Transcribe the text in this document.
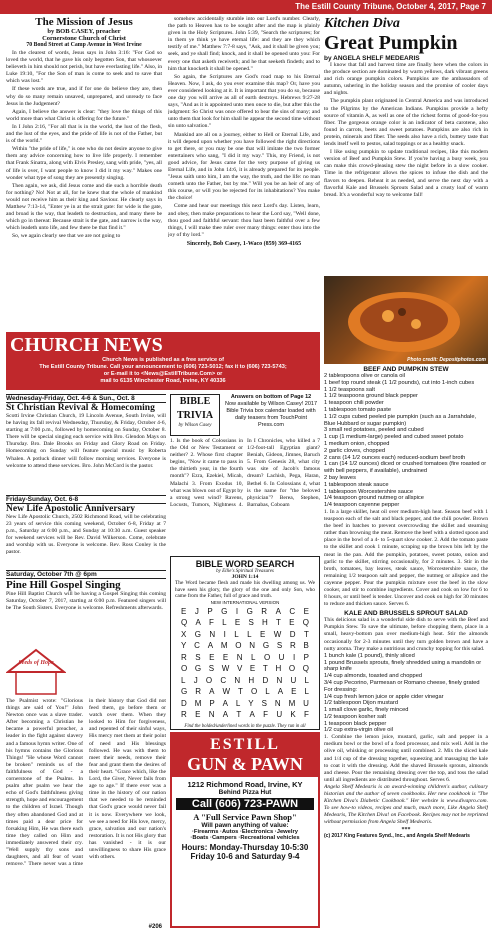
The Estill County Tribune, October 4, 2017, Page 7
The Mission of Jesus
by BOB CASEY, preacher
Cornerstone Church of Christ
70 Bond Street at Camp Avenue in West Irvine

In the clearest of words, Jesus says in John 3:16: "For God so loved the world, that he gave his only begotten Son, that whosoever believeth in him should not perish, but have everlasting life." Also, in Luke 19:10, "For the Son of man is come to seek and to save that which was lost."

If these words are true, and if for one do believe they are, then why do so many remain unsaved, unprepared, and unready to face Jesus in the Judgement?

Again, I believe the answer is clear: "they love the things of this world more than what Christ is offering for the future."

In I John 2:16, "For all that is in the world, the lust of the flesh, and the lust of the eyes, and the pride of life is not of the Father, but is of the world."

Within "the pride of life," is one who do not desire anyone to give them any advice concerning how to live life properly. I remember that Frank Sinatra, along with Elvis Presley, sang with pride, "yes, all of life is over, I want people to know I did it my way." Makes one wonder what type of song they are presently singing.

Then again, we ask, did Jesus come and die such a horrible death for nothing? No! Not at all, for he knew that the whole of mankind would not receive him as their king and Saviour. He clearly says in Matthew 7:13-14, "Enter ye in at the strait gate: for wide is the gate, and broad is the way, that leadeth to destruction, and many there be which go in thereat: Because strait is the gate, and narrow is the way, which leadeth unto life, and few there be that find it."

So, we again clearly see that we are not going to

somehow accidentally stumble into our Lord's number. Clearly, the path to Heaven has to be sought after and the map is plainly given in the Holy Scriptures. John 5:39, "Search the scriptures; for in them ye think ye have eternal life: and they are they which testify of me." Matthew 7:7-8 says, "Ask, and it shall be given you; seek, and ye shall find; knock, and it shall be opened unto you: For every one that asketh receiveth; and he that seeketh findeth; and to him that knocketh it shall be opened."

So again, the Scriptures are God's road map to his Eternal Heaven. Now, I ask, do you ever examine this map? Or, have you ever considered looking at it. It is important that you do so, because one day you will arrive as all of earth destroys. Hebrews 9:27-28 says, "And as it is appointed unto men once to die, but after this the judgment: So Christ was once offered to bear the sins of many; and unto them that look for him shall he appear the second time without sin unto salvation."

Mankind are all on a journey, either to Hell or Eternal Life, and it will depend upon whether you have followed the right directions to get there, or you may be one that will imitate the two former entertainers who sang, "I did it my way." This, my Friend, is not good advice, for Jesus came for the very purpose of giving us Eternal Life, and in John 14:6, it is already prepared for its people. "Jesus saith unto him, I am the way, the truth, and the life: no man cometh unto the Father, but by me." Will you be an heir of any of this course, or will you be rejected for its inhabitations? You make the choice!

Come and hear our meetings this next Lord's day. Listen, learn, and obey, then make preparations to hear the Lord say, "Well done, thou good and faithful servant: thou hast been faithful over a few things, I will make thee ruler over many things: enter thou into the joy of thy lord."

Sincerely, Bob Casey, 1-Waco (859) 369-4165
CHURCH NEWS
Church News is published as a free service of
The Estill County Tribune. Call your announcement to (606) 723-5012; fax it to (606) 723-5743;
or E-mail it to <News@EstillTribune.Com> or
mail to 6135 Winchester Road, Irvine, KY 40336
Wednesday-Friday, Oct. 4-6 & Sun., Oct. 8
St Christian Revival & Homecoming
Scotti Irvine Christian Church, 19 Lincoln Avenue, South Irvine, will be having its fall revival Wednesday, Thursday, & Friday, October 4-6, starting at 7:00 p.m., followed by homecoming on Sunday, October 8. There will be special singing each service with Bro. Glendon Mays on Thursday. Bro. Dale Brooks on Friday and Glory Road on Friday. Homecoming on Sunday will feature special music by Roberta Whalen. A potluck dinner will follow morning services. Everyone is welcome to attend these services. Bro. John McCord is the pastor.
Friday-Sunday, Oct. 6-8
New Life Apostolic Anniversary
New Life Apostolic Church, 2502 Richmond Road, will be celebrating 23 years of service this coming weekend, October 6-8, Friday at 7 p.m., Saturday at 6:00 p.m., and Sunday at 10:30 a.m. Guest speaker for weekend services will be Rev. David Wilkerson. Come, celebrate and worship with us. Everyone is welcome. Rev. Ross Conley is the pastor.
Saturday, October 7th @ 6pm
Pine Hill Gospel Singing
Pine Hill Baptist Church will be having a Gospel Singing this coming Saturday, October 7, 2017, starting at 6:00 p.m. Featured singers will be The South Sisters. Everyone is welcome. Refreshments afterwards.
Seeds of Hope
The Psalmist wrote: "Glorious things are said of You!" John Newton once was a slave trader. After becoming a Christian he became a powerful preacher, a leader in the fight against slavery and a famous hymn writer. One of his hymns contains the Glorious Things! "He whose Word cannot be broken" reminds us of the faithfulness of God - a cornerstone of the Psalms. In psalm after psalm we hear the echo of God's faithfulness giving strength, hope and encouragement to the children of Israel. Though they often abandoned God and at times paid a dear price for forsaking Him, He was there each time they called on Him and immediately answered their cry. "Well supply thy sons and daughters, and all fear of want remove." There never was a time in their history that God did not feed them, go before them or watch over them. When they looked to Him for forgiveness, and repented of their sinful ways, His mercy met them at their point of need and His blessings followed. He was with them to meet their needs, remove their fear and grant them the desires of their heart. "Grace which, like the Lord, the Giver, Never fails from age to age." If there ever was a time in the history of our nation that we needed to be reminded that God's grace would never fail it is now. Everywhere we look, we see a need for His love, mercy, grace, salvation and our nation's restoration. It is not His glory that has vanished - it is our unwillingness to share His grace with others.
#206
BIBLE TRIVIA
by Wilson Casey
1. Is the book of Colossians in the Old or New Testament or neither? 2. Whose first chapter begins, "Now it came to pass in the thirtieth year, in the fourth month"? Ezra, Ezekiel, Micah, Malachi 3. From Exodus 10, what was blown out of Egypt by a strong west wind? Ravens, Locusts, Tumors, Nightness 4. In I Chronicles, who killed a 7 1/2-foot-tall Egyptian giant? Beniah, Gideon, Jimnes, Baruch 5. From Genesis 28, what city was site of Jacob's famous dream? Lachish, Pega, Haran, Bethel 6. In Colossians 4, what is the name for "the beloved physician"? Berea, Stephen, Barnabas, Coboam
Answers on bottom of Page 12
Now available by Wilson Casey! 2017 Bible Trivia box calendar loaded with daily teasers from TouchPoint Press.com
BIBLE WORD SEARCH
by Ellie's Spiritual Treasures
JOHN 1:14
The Word became flesh and made his dwelling among us. We have seen his glory, the glory of the one and only Son, who came from the Father, full of grace and truth.
NEW INTERNATIONAL VERSION
E J P G I G R A C E
Q A F L E S H T E Q
X G N I L L E W D T
Y C A M O N G S R B
R S E E N L O U I P
O G S W V E T H O Q
L J O C N H D N U L
G R A W T O L A E L
D M P A L Y S N M U
R E N A T A F U K F
Find the bolded/underlined words in the puzzle. They run in all
ESTILL
GUN & PAWN
1212 Richmond Road, Irvine, KY
Behind Pizza Hut
Call (606) 723-PAWN
A "Full Service Pawn Shop"
Will pawn anything of value:
·Firearms ·Autos ·Electronics ·Jewelry
·Boats ·Campers ·Recreational vehicles
Hours: Monday-Thursday 10-5:30
Friday 10-6 and Saturday 9-4
Kitchen Diva
Great Pumpkin
by ANGELA SHELF MEDEARIS

I know that fall and harvest time are finally here when the colors in the produce section are dominated by warm yellows, dark vibrant greens and rich orange pumpkin colors. Pumpkins are the ambassadors of autumn, ushering in the holiday season and the promise of cooler days and nights.

The pumpkin plant originated in Central America and was introduced to the Pilgrims by the American Indians. Pumpkins provide a hefty source of vitamin A, as well as one of the richest forms of good-for-you fiber. The gorgeous orange color is an indicator of beta carotene, also found in carrots, beets and sweet potatoes. Pumpkins are also rich in protein, minerals and fiber. The seeds also have a rich, buttery taste that lends itself well to pestos, salad toppings or as a healthy snack.

I like using pumpkin to update traditional recipes, like this modern version of Beef and Pumpkin Stew. If you're having a busy week, you can make this crowd-pleasing stew the night before in a slow cooker. Time in the refrigerator allows the spices to infuse the dish and the flavors to deepen. Reheat it as needed, and serve the next day with a flavorful Kale and Brussels Sprouts Salad and a crusty loaf of warm bread. It's a wonderful way to welcome fall!

Photo credit: Depositphotos.com
BEEF AND PUMPKIN STEW
2 tablespoons olive or canola oil
1 beef top round steak (1 1/2 pounds), cut into 1-inch cubes
1 1/2 teaspoons salt
1 1/2 teaspoons ground black pepper
1 teaspoon chili powder
1 tablespoon tomato paste
1 1/2 cups cubed peeled pie pumpkin (such as a Jarrahdale, Blue Hubbard or sugar pumpkin)
3 small red potatoes, peeled and cubed
1 cup (1 medium-large) peeled and cubed sweet potato
1 medium onion, chopped
2 garlic cloves, chopped
2 cans (14 1/2 ounces each) reduced-sodium beef broth
1 can (14 1/2 ounces) diced or crushed tomatoes (fire roasted or with bell peppers, if available), undrained
2 bay leaves
1 tablespoon steak sauce
1 tablespoon Worcestershire sauce
1/4 teaspoon ground nutmeg or allspice
1/4 teaspoon cayenne pepper
1. In a large skillet, heat oil over medium-high heat. Season beef with 1 teaspoon each of the salt and black pepper, and the chili powder. Brown the beef in batches to prevent overcrowding the skillet and steaming rather than browning the meat. Remove the beef with a slotted spoon and place in the bowl of a 4- to 5-quart slow cooker. 2. Add the tomato paste to the skillet and cook 1 minute, scraping up the brown bits left by the meat in the pan. Add the pumpkin, potatoes, sweet potato, onion and garlic to the skillet, stirring occasionally, for 2 minutes. 3. Stir in the broth, tomatoes, bay leaves, steak sauce, Worcestershire sauce, the remaining 1/2 teaspoon salt and pepper, the nutmeg or allspice and the cayenne pepper. Pour the pumpkin mixture over the beef in the slow cooker, and stir to combine ingredients. Cover and cook on low for 6 to 8 hours, or until beef is tender. Uncover and cook on high for 30 minutes to reduce and thicken sauce. Serves 6.
KALE AND BRUSSELS SPROUT SALAD
This delicious salad is a wonderful side dish to serve with the Beef and Pumpkin Stew. To save the ultimate, before chopping them, place in a small, heavy-bottom pan over medium-high heat. Stir the almonds occasionally for 2-3 minutes until they turn golden brown and have a nutty aroma. They make a nutritious and crunchy topping for this salad.
1 bunch kale (1 pound), thinly sliced
1 pound Brussels sprouts, finely shredded using a mandolin or sharp knife
1/4 cup almonds, toasted and chopped
3/4 cup Pecorino, Parmesan or Romano cheese, finely grated
For dressing:
1/4 cup fresh lemon juice or apple cider vinegar
1/2 tablespoon Dijon mustard
1 small clove garlic, finely minced
1/2 teaspoon kosher salt
1 teaspoon black pepper
1/2 cup extra-virgin olive oil
1. Combine the lemon juice, mustard, garlic, salt and pepper in a medium bowl or the bowl of a food processor, and mix well. Add in the olive oil, whisking or processing until combined. 2. Mix the sliced kale and 1/4 cup of the dressing together, squeezing and massaging the kale to coat it with the dressing. Add the shaved Brussels sprouts, almonds and cheese. Pour the remaining dressing over the top, and toss the salad until all ingredients are distributed throughout. Serves 6.
Angela Shelf Medearis is an award-winning children's author, culinary historian and the author of seven cookbooks. Her new cookbook is "The Kitchen Diva's Diabetic Cookbook." Her website is www.divapro.com. To see how-to videos, recipes and much, much more, Like Angela Shelf Medearis, The Kitchen Diva! on Facebook. Recipes may not be reprinted without permission from Angela Shelf Medearis.
***
(c) 2017 King Features Synd., Inc., and Angela Shelf Medearis
